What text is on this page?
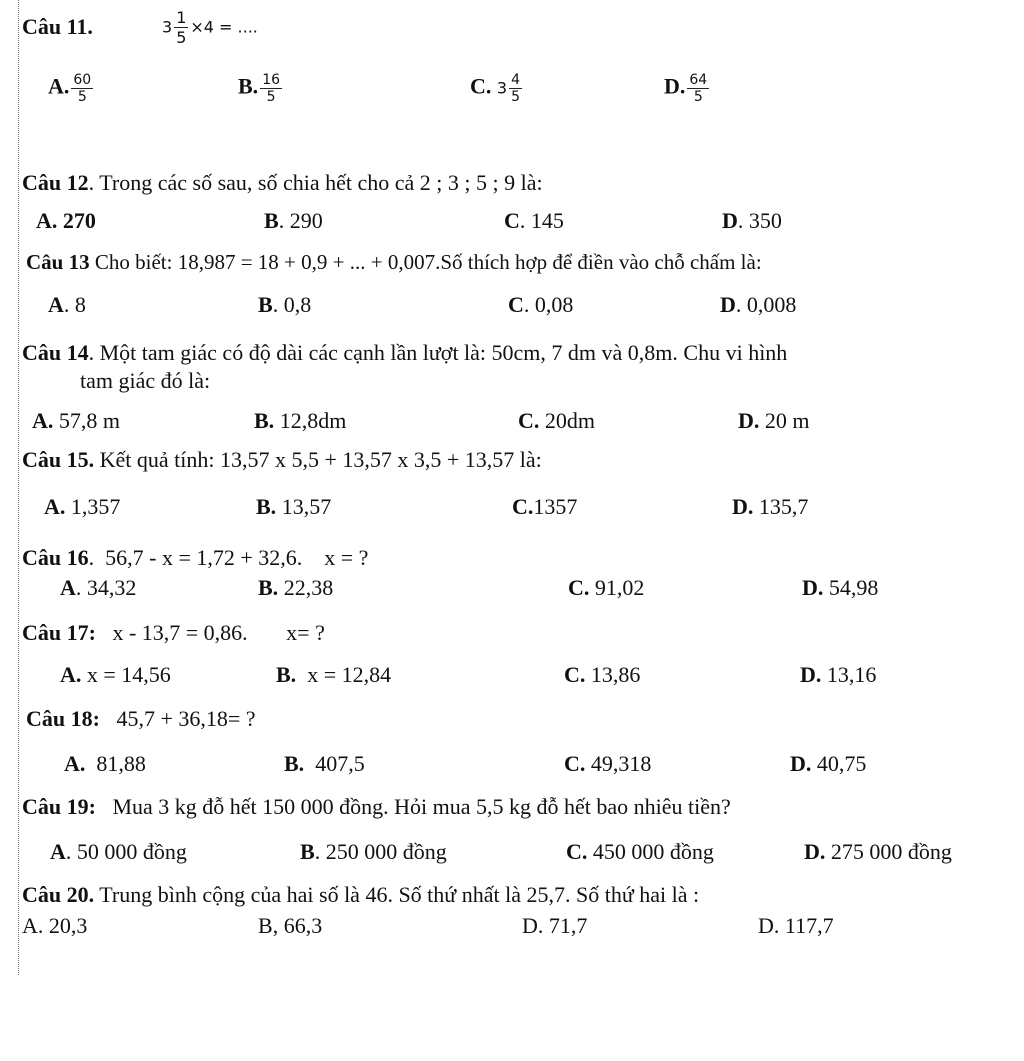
Câu 11.	$3 \frac{1}{5} \times 4$ = ....
A. $\frac{60}{5}$	B. $\frac{16}{5}$	C. $3 \frac{4}{5}$	D. $\frac{64}{5}$
Câu 12. Trong các số sau, số chia hết cho cả 2 ; 3 ; 5 ; 9 là:
A. 270	B. 290	C. 145	D. 350
Câu 13 Cho biết: 18,987 = 18 + 0,9 + ... + 0,007.Số thích hợp để điền vào chỗ chấm là:
A. 8	B. 0,8	C. 0,08	D. 0,008
Câu 14. Một tam giác có độ dài các cạnh lần lượt là: 50cm, 7 dm và 0,8m. Chu vi hình
tam giác đó là:
A. 57,8 m	B. 12,8dm	C. 20dm	D. 20 m
Câu 15. Kết quả tính: 13,57 x 5,5 + 13,57 x 3,5 + 13,57 là:
A. 1,357	B. 13,57	C.1357	D. 135,7
Câu 16.  56,7 - x = 1,72 + 32,6.    x = ?
A. 34,32	B. 22,38	C. 91,02	D. 54,98
Câu 17:   x - 13,7 = 0,86.       x= ?
A. x = 14,56	B.  x = 12,84	C. 13,86	D. 13,16
Câu 18:   45,7 + 36,18= ?
A.  81,88	B.  407,5	C. 49,318	D. 40,75
Câu 19:   Mua 3 kg đỗ hết 150 000 đồng. Hỏi mua 5,5 kg đỗ hết bao nhiêu tiền?
A. 50 000 đồng	B. 250 000 đồng	C. 450 000 đồng	D. 275 000 đồng
Câu 20. Trung bình cộng của hai số là 46. Số thứ nhất là 25,7. Số thứ hai là :
A. 20,3	B, 66,3	D. 71,7	D. 117,7
